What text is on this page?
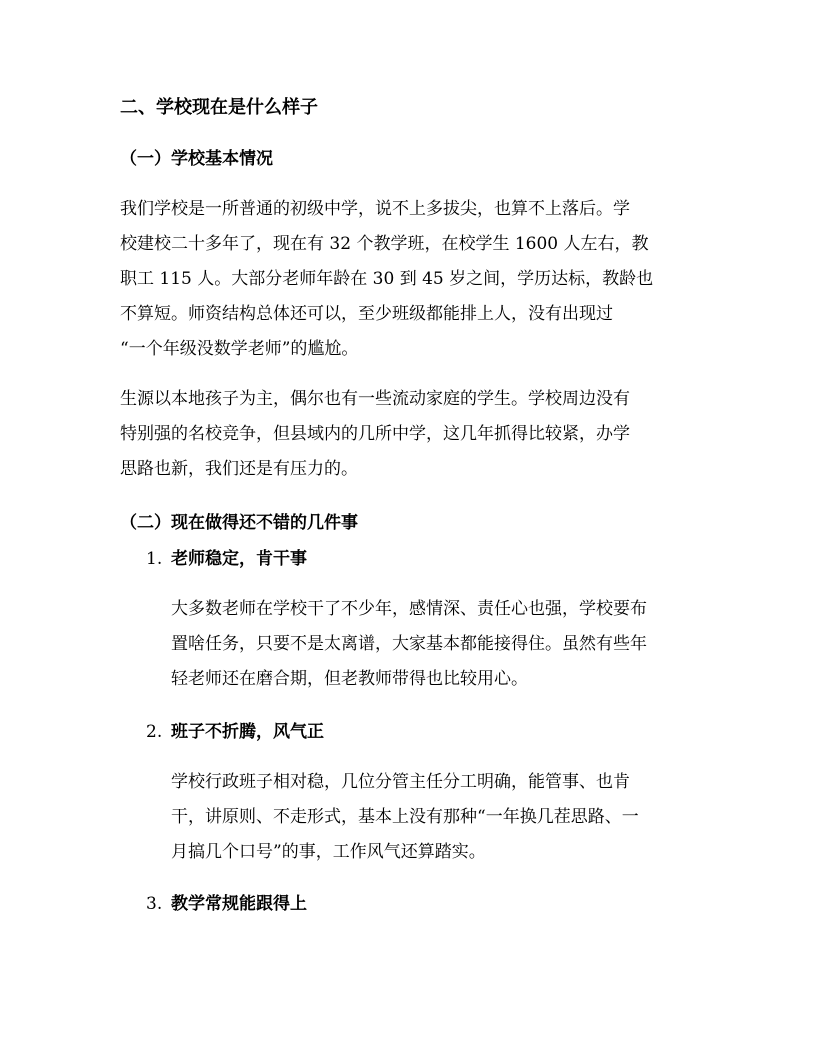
二、学校现在是什么样子
（一）学校基本情况
我们学校是一所普通的初级中学，说不上多拔尖，也算不上落后。学
校建校二十多年了，现在有 32 个教学班，在校学生 1600 人左右，教
职工 115 人。大部分老师年龄在 30 到 45 岁之间，学历达标，教龄也
不算短。师资结构总体还可以，至少班级都能排上人，没有出现过
“一个年级没数学老师”的尴尬。
生源以本地孩子为主，偶尔也有一些流动家庭的学生。学校周边没有
特别强的名校竞争，但县域内的几所中学，这几年抓得比较紧，办学
思路也新，我们还是有压力的。
（二）现在做得还不错的几件事
1. 老师稳定，肯干事
大多数老师在学校干了不少年，感情深、责任心也强，学校要布
置啥任务，只要不是太离谱，大家基本都能接得住。虽然有些年
轻老师还在磨合期，但老教师带得也比较用心。
2. 班子不折腾，风气正
学校行政班子相对稳，几位分管主任分工明确，能管事、也肯
干，讲原则、不走形式，基本上没有那种“一年换几茬思路、一
月搞几个口号”的事，工作风气还算踏实。
3. 教学常规能跟得上
